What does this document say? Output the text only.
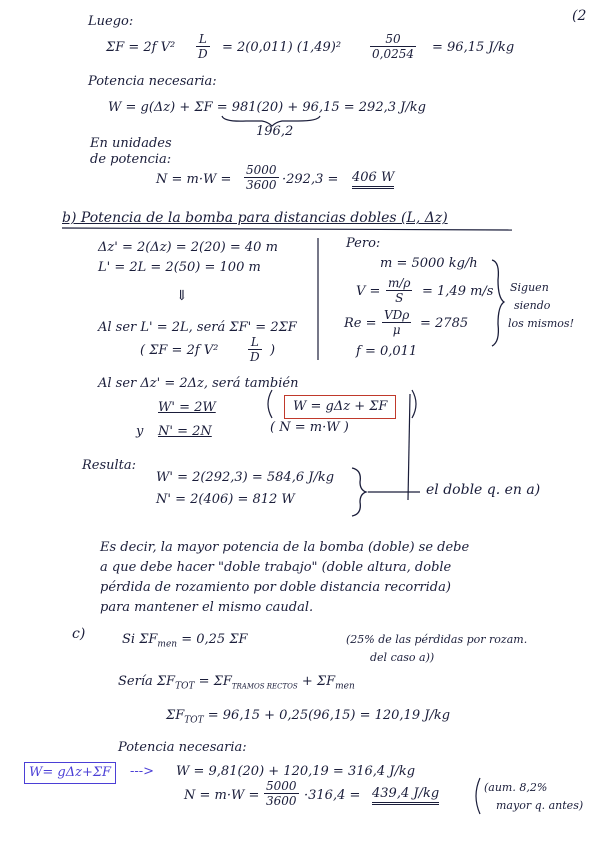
(2
Luego:
ΣF = 2f $V^2 \frac{L}{D} = 2(0,011)$ $(1,49)^2 \frac{50}{0,0254} = 96,15$ J/kg
Potencia necesaria:
W = g(Δz) + ΣF = 981(20) + 96,15 = 292,3 J/kg
196,2
En unidades
de potencia:
$N = m\cdot W = \frac{5000}{3600} \cdot 292,3 = 406$ W
b) Potencia de la bomba para distancias dobles (L, Δz)
Δz' = 2(Δz) = 2(20) = 40 m
L' = 2L = 2(50) = 100 m
⇓
Al ser L' = 2L, será ΣF' = 2ΣF
( ΣF = 2f $V^2 \frac{L}{D}$ )
Al ser Δz' = 2Δz, será también
W' = 2W
y N' = 2N
W = gΔz + ΣF
( N = m·W )
Pero:
m = 5000 kg/h
$V = \frac{m/\rho}{S} = 1,49$ m/s
Re =
VDρ
μ	= 2785
f = 0,011
Siguen
siendo
los mismos!
Resulta:
W' = 2(292,3) = 584,6 J/kg
N' = 2(406) = 812 W
el doble q. en a)
Es decir, la mayor potencia de la bomba (doble) se debe
a que debe hacer "doble trabajo" (doble altura, doble
pérdida de rozamiento por doble distancia recorrida)
para mantener el mismo caudal.
c)	Si $\Sigma F_{men} = 0,25$ ΣF	(25% de las pérdidas por rozam.
del caso a))
Sería $\Sigma F_{TOT} = \Sigma F_{TRAMOS RECTOS} + \Sigma F_{men}$
$\Sigma F_{TOT} = 96,15 + 0,25(96,15) = 120,19$ J/kg
Potencia necesaria:
W= gΔz+ΣF	---> W = 9,81(20) + 120,19 = 316,4 J/kg
$N = m\cdot W = \frac{5000}{3600} \cdot 316,4 = 439,4$ J/kg	(aum. 8,2%
mayor q. antes)
